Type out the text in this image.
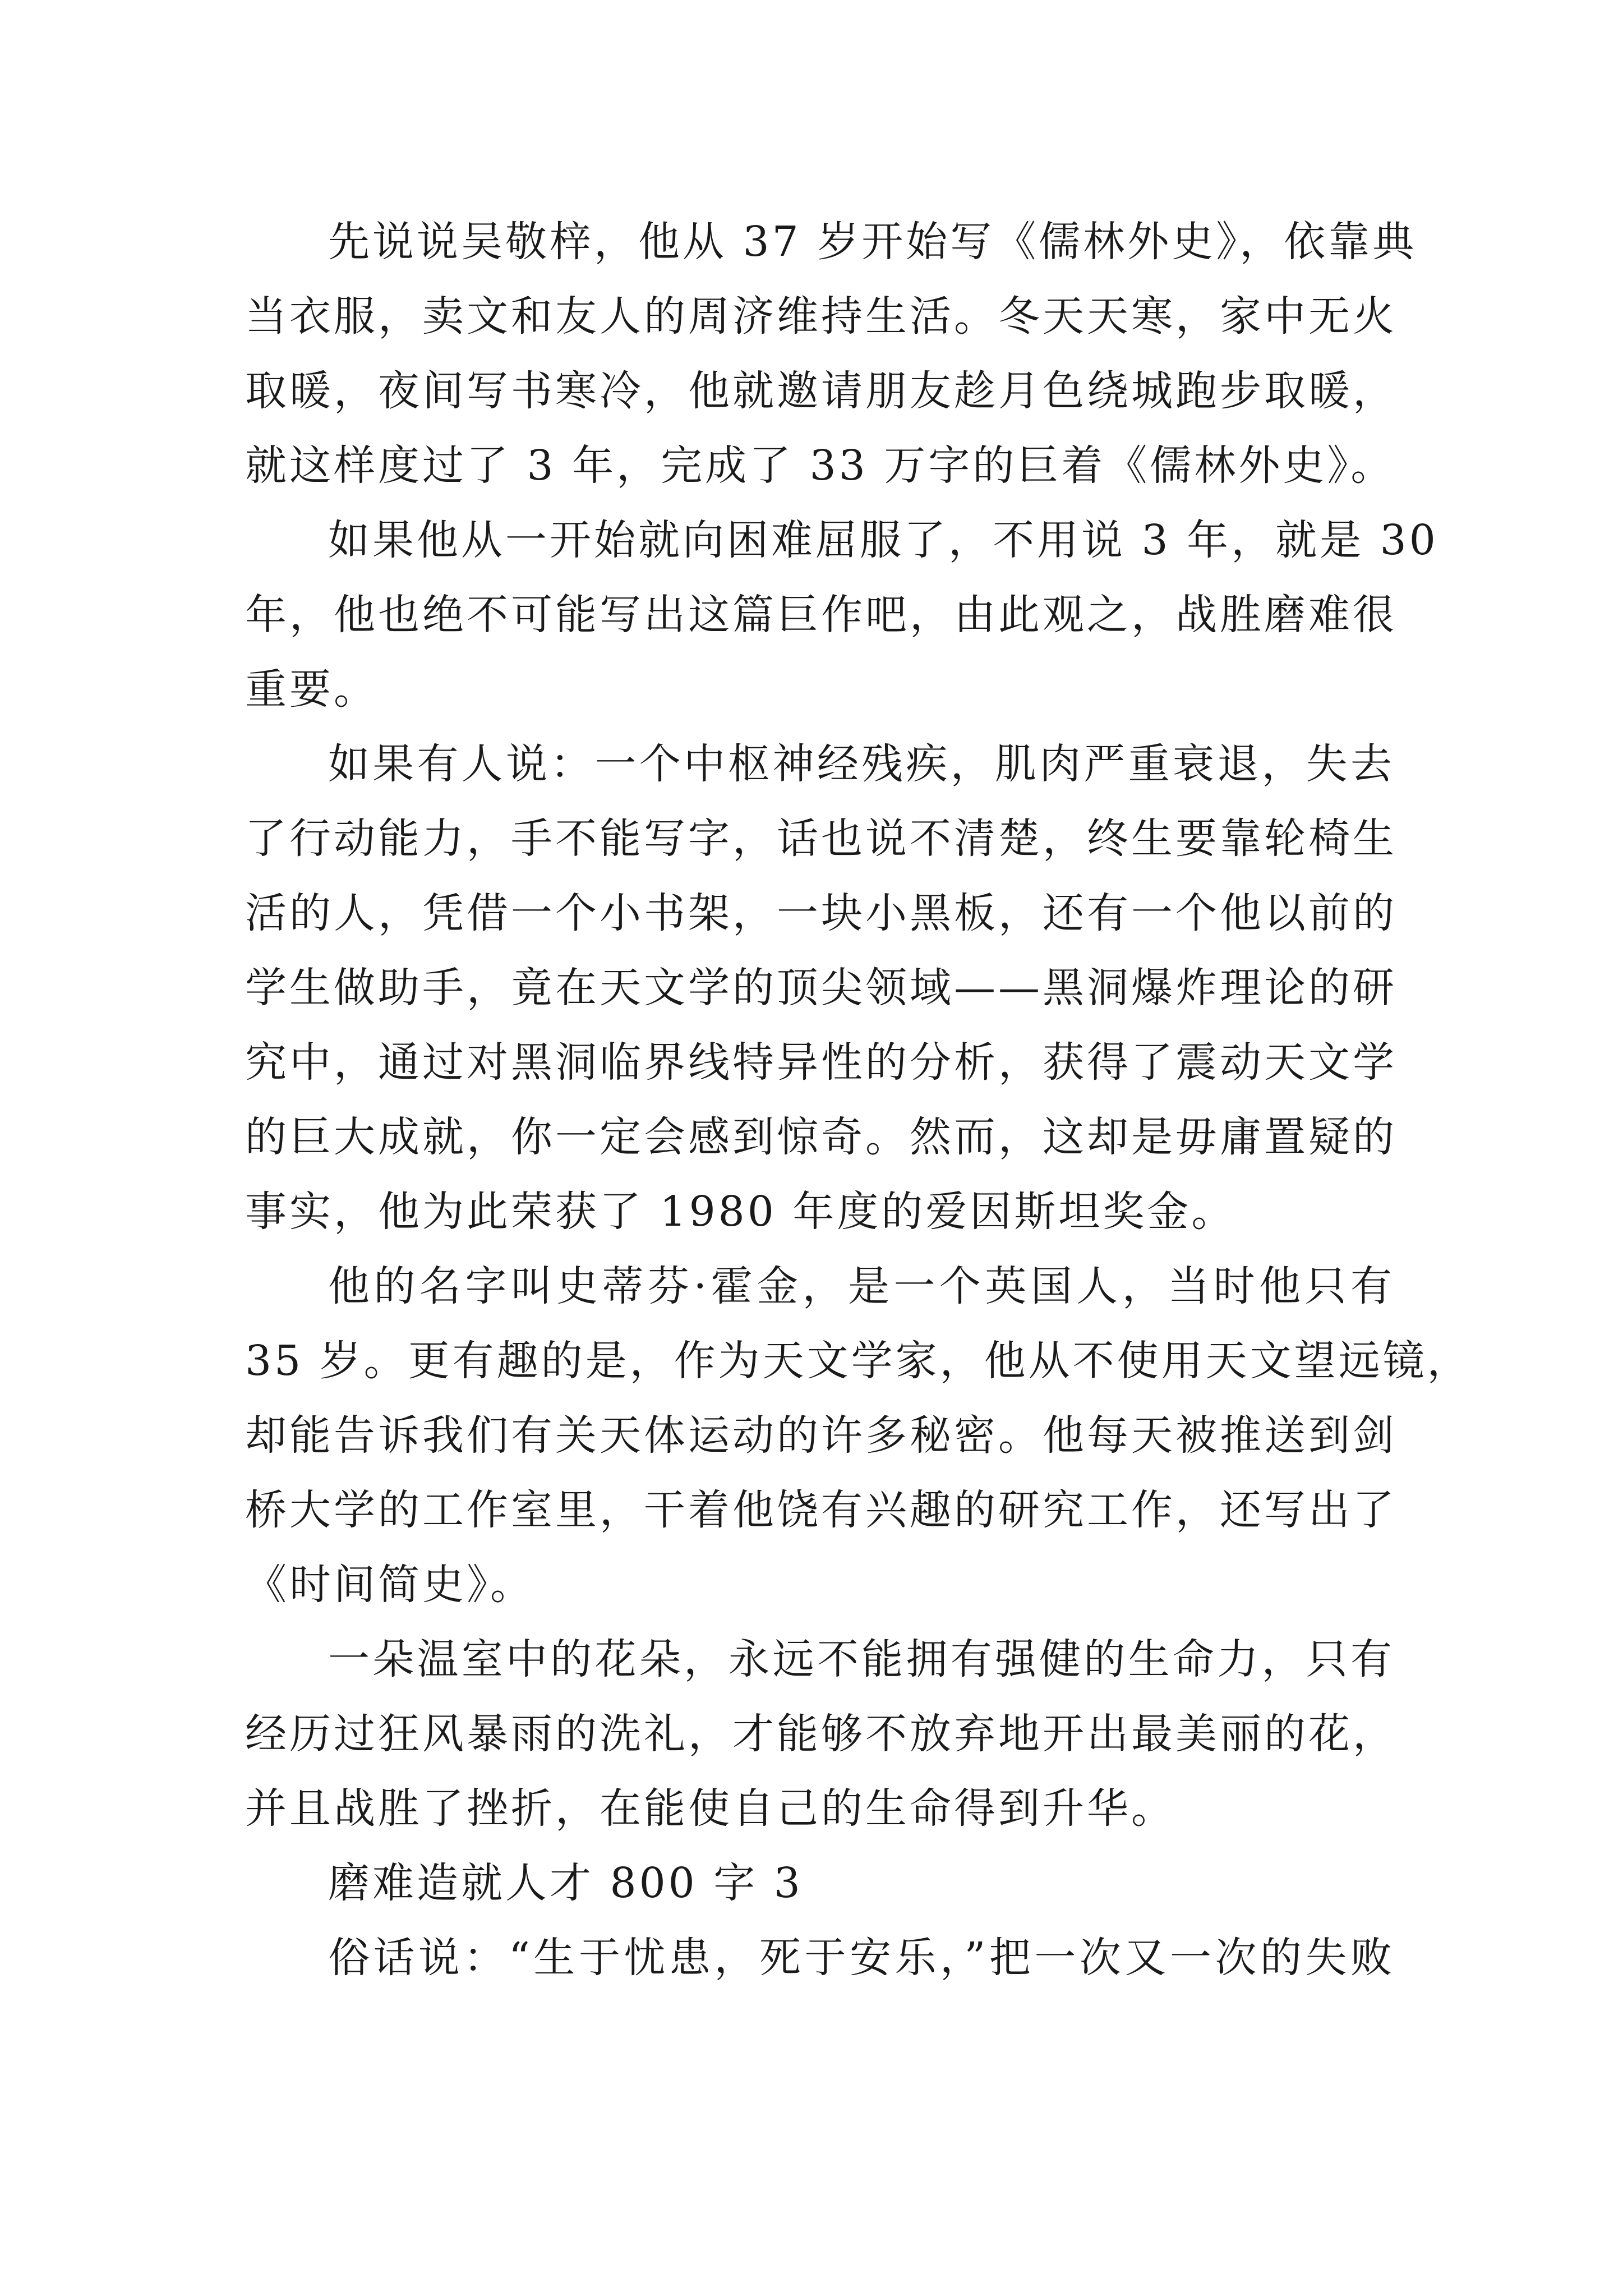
先说说吴敬梓，他从 37 岁开始写《儒林外史》，依靠典
当衣服，卖文和友人的周济维持生活。冬天天寒，家中无火
取暖，夜间写书寒冷，他就邀请朋友趁月色绕城跑步取暖，
就这样度过了 3 年，完成了 33 万字的巨着《儒林外史》。
如果他从一开始就向困难屈服了，不用说 3 年，就是 30
年，他也绝不可能写出这篇巨作吧，由此观之，战胜磨难很
重要。
如果有人说：一个中枢神经残疾，肌肉严重衰退，失去
了行动能力，手不能写字，话也说不清楚，终生要靠轮椅生
活的人，凭借一个小书架，一块小黑板，还有一个他以前的
学生做助手，竟在天文学的顶尖领域——黑洞爆炸理论的研
究中，通过对黑洞临界线特异性的分析，获得了震动天文学
的巨大成就，你一定会感到惊奇。然而，这却是毋庸置疑的
事实，他为此荣获了 1980 年度的爱因斯坦奖金。
他的名字叫史蒂芬·霍金，是一个英国人，当时他只有
35 岁。更有趣的是，作为天文学家，他从不使用天文望远镜，
却能告诉我们有关天体运动的许多秘密。他每天被推送到剑
桥大学的工作室里，干着他饶有兴趣的研究工作，还写出了
《时间简史》。
一朵温室中的花朵，永远不能拥有强健的生命力，只有
经历过狂风暴雨的洗礼，才能够不放弃地开出最美丽的花，
并且战胜了挫折，在能使自己的生命得到升华。
磨难造就人才 800 字 3
俗话说：“生于忧患，死于安乐，”把一次又一次的失败
